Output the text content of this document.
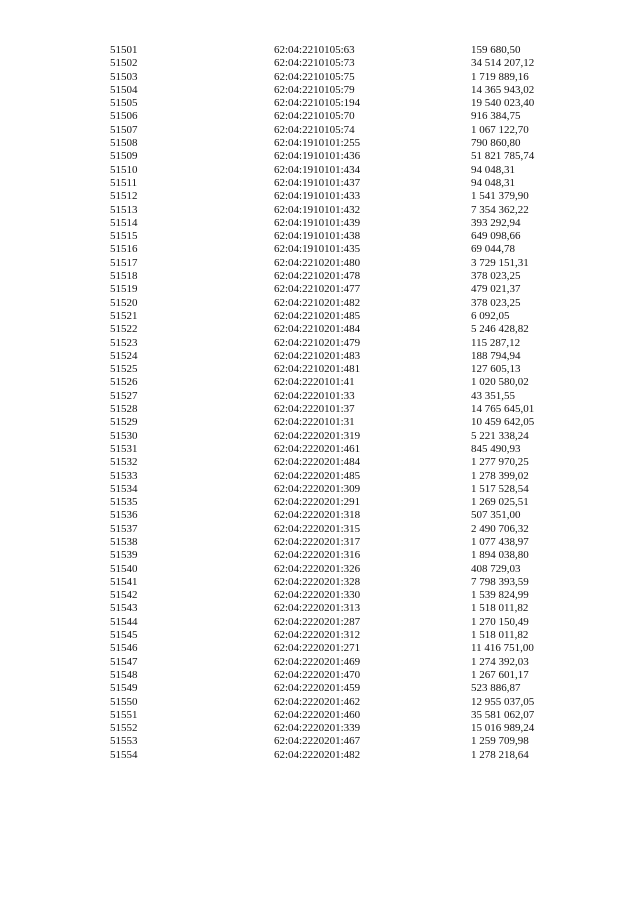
51501	62:04:2210105:63	159 680,50
51502	62:04:2210105:73	34 514 207,12
51503	62:04:2210105:75	1 719 889,16
51504	62:04:2210105:79	14 365 943,02
51505	62:04:2210105:194	19 540 023,40
51506	62:04:2210105:70	916 384,75
51507	62:04:2210105:74	1 067 122,70
51508	62:04:1910101:255	790 860,80
51509	62:04:1910101:436	51 821 785,74
51510	62:04:1910101:434	94 048,31
51511	62:04:1910101:437	94 048,31
51512	62:04:1910101:433	1 541 379,90
51513	62:04:1910101:432	7 354 362,22
51514	62:04:1910101:439	393 292,94
51515	62:04:1910101:438	649 098,66
51516	62:04:1910101:435	69 044,78
51517	62:04:2210201:480	3 729 151,31
51518	62:04:2210201:478	378 023,25
51519	62:04:2210201:477	479 021,37
51520	62:04:2210201:482	378 023,25
51521	62:04:2210201:485	6 092,05
51522	62:04:2210201:484	5 246 428,82
51523	62:04:2210201:479	115 287,12
51524	62:04:2210201:483	188 794,94
51525	62:04:2210201:481	127 605,13
51526	62:04:2220101:41	1 020 580,02
51527	62:04:2220101:33	43 351,55
51528	62:04:2220101:37	14 765 645,01
51529	62:04:2220101:31	10 459 642,05
51530	62:04:2220201:319	5 221 338,24
51531	62:04:2220201:461	845 490,93
51532	62:04:2220201:484	1 277 970,25
51533	62:04:2220201:485	1 278 399,02
51534	62:04:2220201:309	1 517 528,54
51535	62:04:2220201:291	1 269 025,51
51536	62:04:2220201:318	507 351,00
51537	62:04:2220201:315	2 490 706,32
51538	62:04:2220201:317	1 077 438,97
51539	62:04:2220201:316	1 894 038,80
51540	62:04:2220201:326	408 729,03
51541	62:04:2220201:328	7 798 393,59
51542	62:04:2220201:330	1 539 824,99
51543	62:04:2220201:313	1 518 011,82
51544	62:04:2220201:287	1 270 150,49
51545	62:04:2220201:312	1 518 011,82
51546	62:04:2220201:271	11 416 751,00
51547	62:04:2220201:469	1 274 392,03
51548	62:04:2220201:470	1 267 601,17
51549	62:04:2220201:459	523 886,87
51550	62:04:2220201:462	12 955 037,05
51551	62:04:2220201:460	35 581 062,07
51552	62:04:2220201:339	15 016 989,24
51553	62:04:2220201:467	1 259 709,98
51554	62:04:2220201:482	1 278 218,64
